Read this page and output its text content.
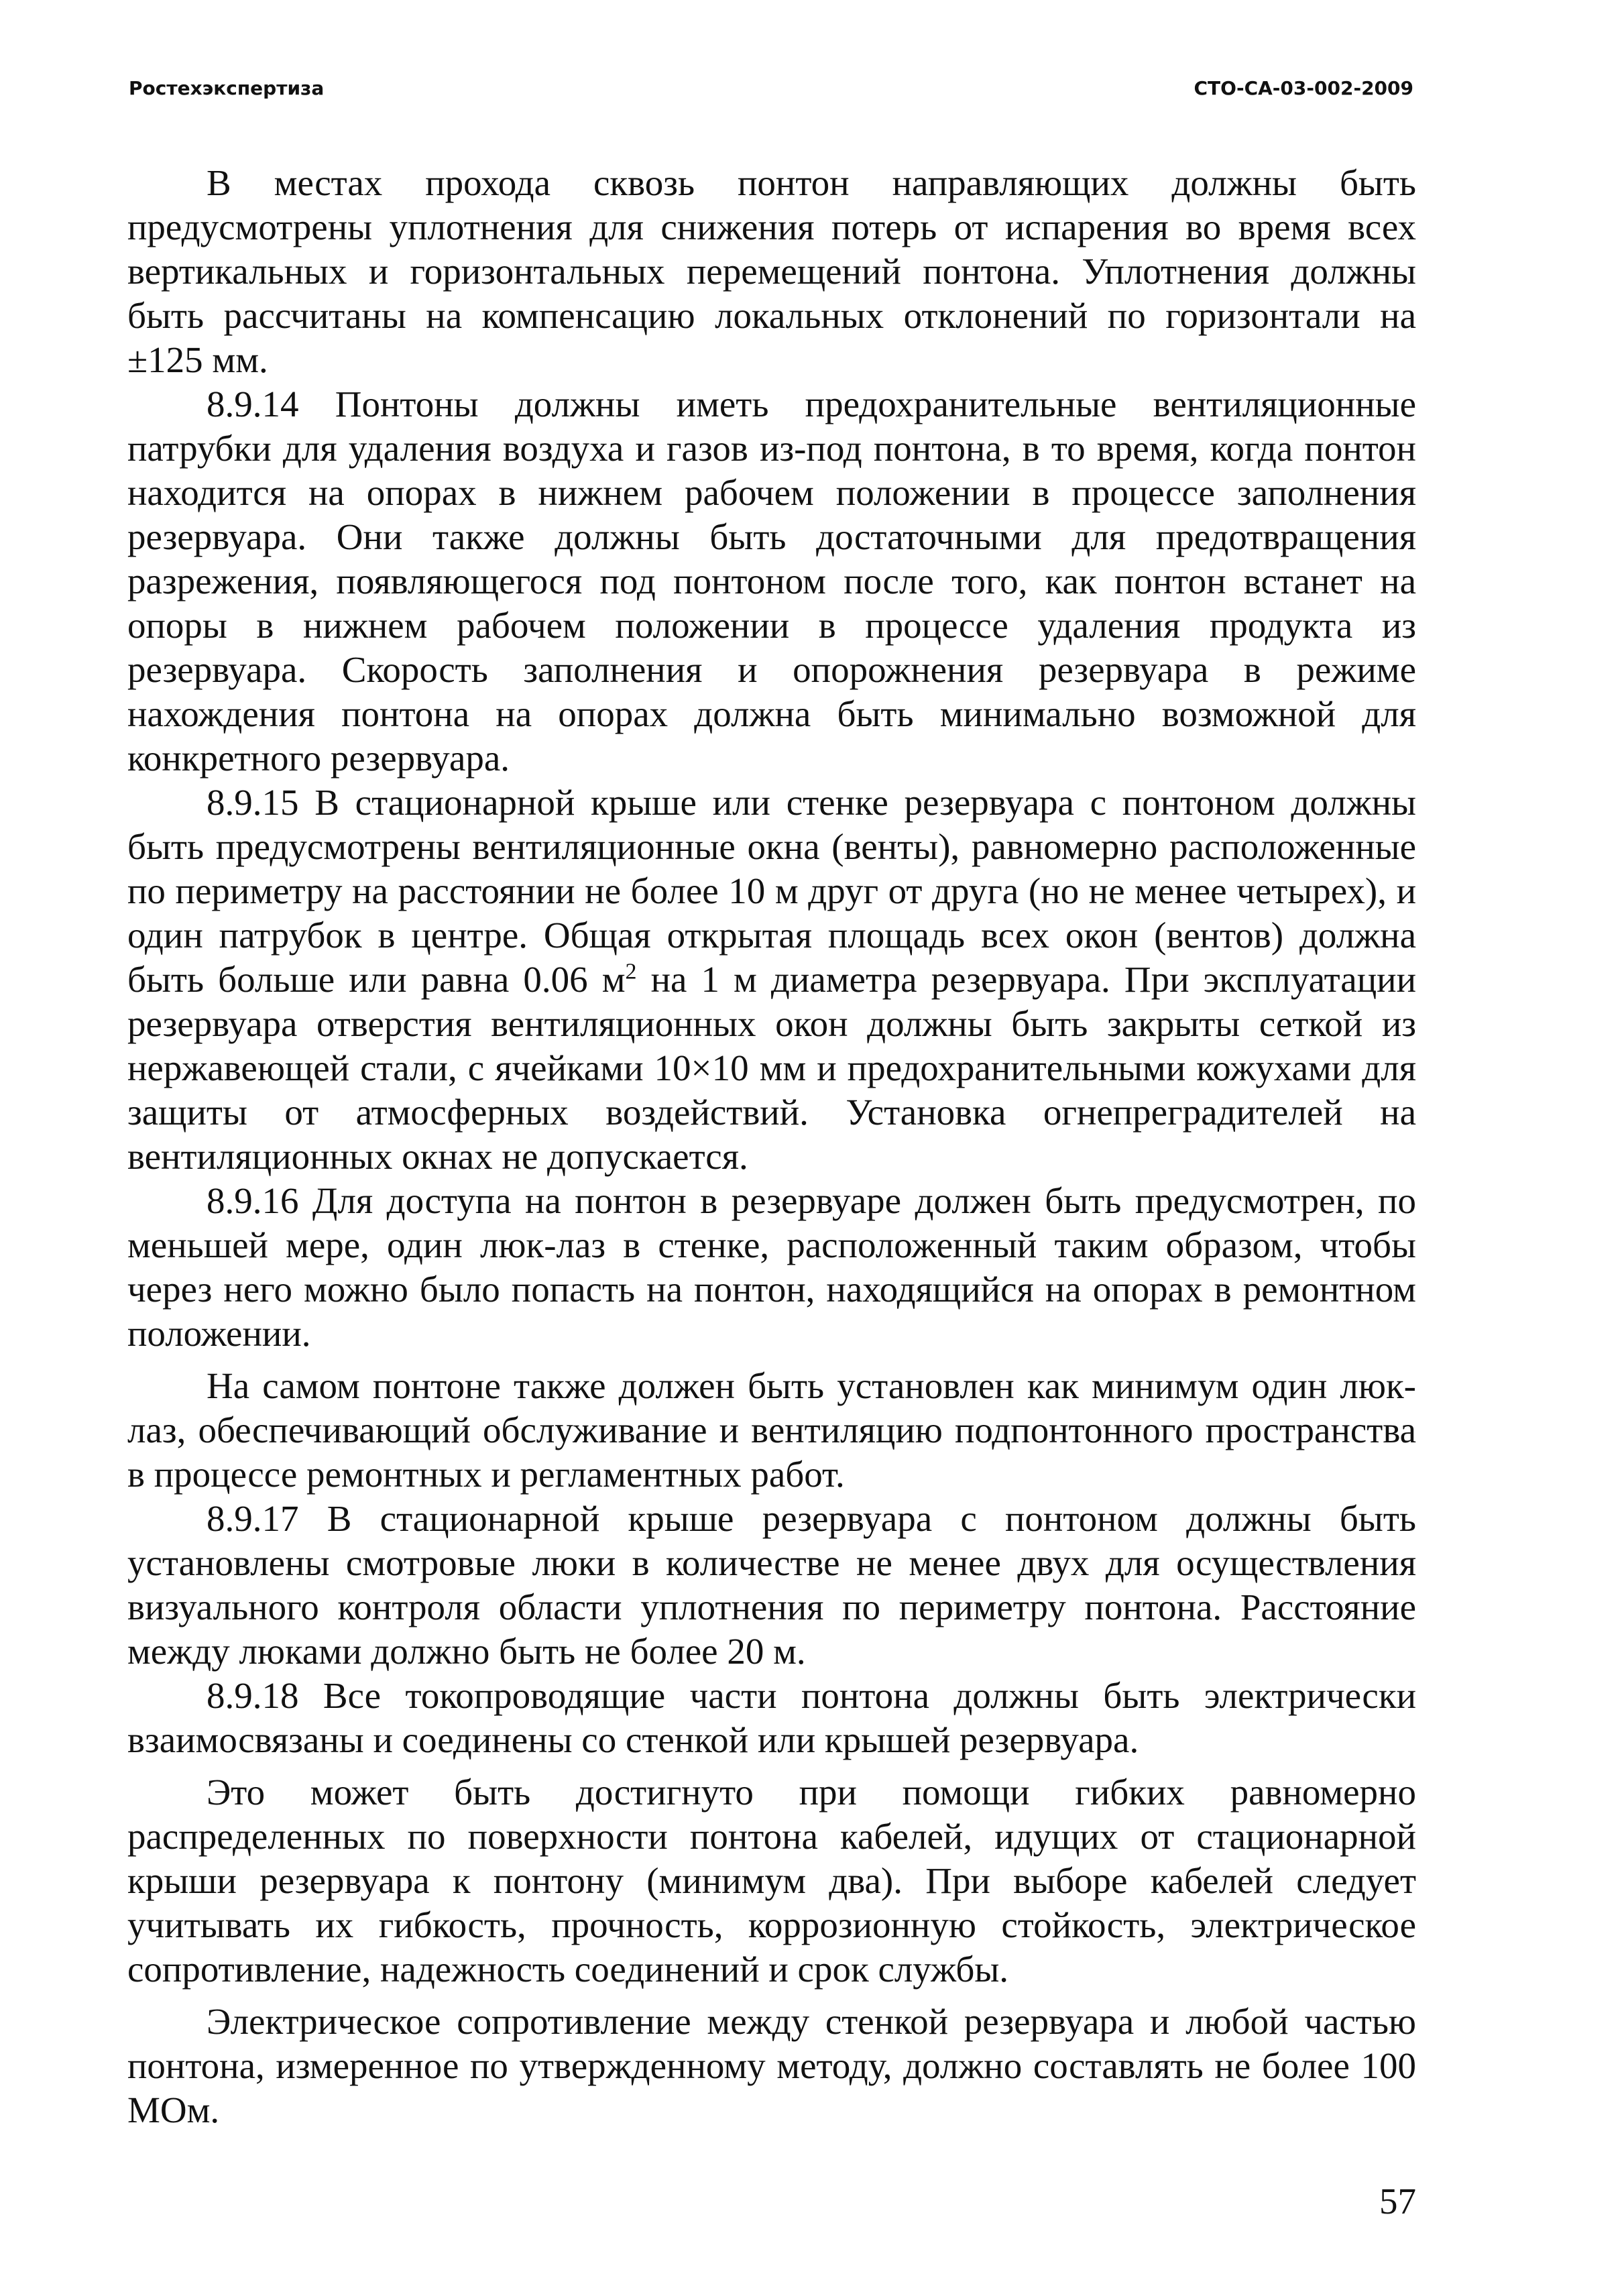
Ростехэкспертиза	СТО-СА-03-002-2009

В местах прохода сквозь понтон направляющих должны быть предусмотрены уплотнения для снижения потерь от испарения во время всех вертикальных и горизонтальных перемещений понтона. Уплотнения должны быть рассчитаны на компенсацию локальных отклонений по горизонтали на ±125 мм.

8.9.14 Понтоны должны иметь предохранительные вентиляционные патрубки для удаления воздуха и газов из-под понтона, в то время, когда понтон находится на опорах в нижнем рабочем положении в процессе заполнения резервуара. Они также должны быть достаточными для предотвращения разрежения, появляющегося под понтоном после того, как понтон встанет на опоры в нижнем рабочем положении в процессе удаления продукта из резервуара. Скорость заполнения и опорожнения резервуара в режиме нахождения понтона на опорах должна быть минимально возможной для конкретного резервуара.

8.9.15 В стационарной крыше или стенке резервуара с понтоном должны быть предусмотрены вентиляционные окна (венты), равномерно расположенные по периметру на расстоянии не более 10 м друг от друга (но не менее четырех), и один патрубок в центре. Общая открытая площадь всех окон (вентов) должна быть больше или равна 0.06 $м^2$ на 1 м диаметра резервуара. При эксплуатации резервуара отверстия вентиляционных окон должны быть закрыты сеткой из нержавеющей стали, с ячейками 10×10 мм и предохранительными кожухами для защиты от атмосферных воздействий. Установка огнепреградителей на вентиляционных окнах не допускается.

8.9.16 Для доступа на понтон в резервуаре должен быть предусмотрен, по меньшей мере, один люк-лаз в стенке, расположенный таким образом, чтобы через него можно было попасть на понтон, находящийся на опорах в ремонтном положении.

На самом понтоне также должен быть установлен как минимум один люк-лаз, обеспечивающий обслуживание и вентиляцию подпонтонного пространства в процессе ремонтных и регламентных работ.

8.9.17 В стационарной крыше резервуара с понтоном должны быть установлены смотровые люки в количестве не менее двух для осуществления визуального контроля области уплотнения по периметру понтона. Расстояние между люками должно быть не более 20 м.

8.9.18 Все токопроводящие части понтона должны быть электрически взаимосвязаны и соединены со стенкой или крышей резервуара.

Это может быть достигнуто при помощи гибких равномерно распределенных по поверхности понтона кабелей, идущих от стационарной крыши резервуара к понтону (минимум два). При выборе кабелей следует учитывать их гибкость, прочность, коррозионную стойкость, электрическое сопротивление, надежность соединений и срок службы.

Электрическое сопротивление между стенкой резервуара и любой частью понтона, измеренное по утвержденному методу, должно составлять не более 100 МОм.

57
